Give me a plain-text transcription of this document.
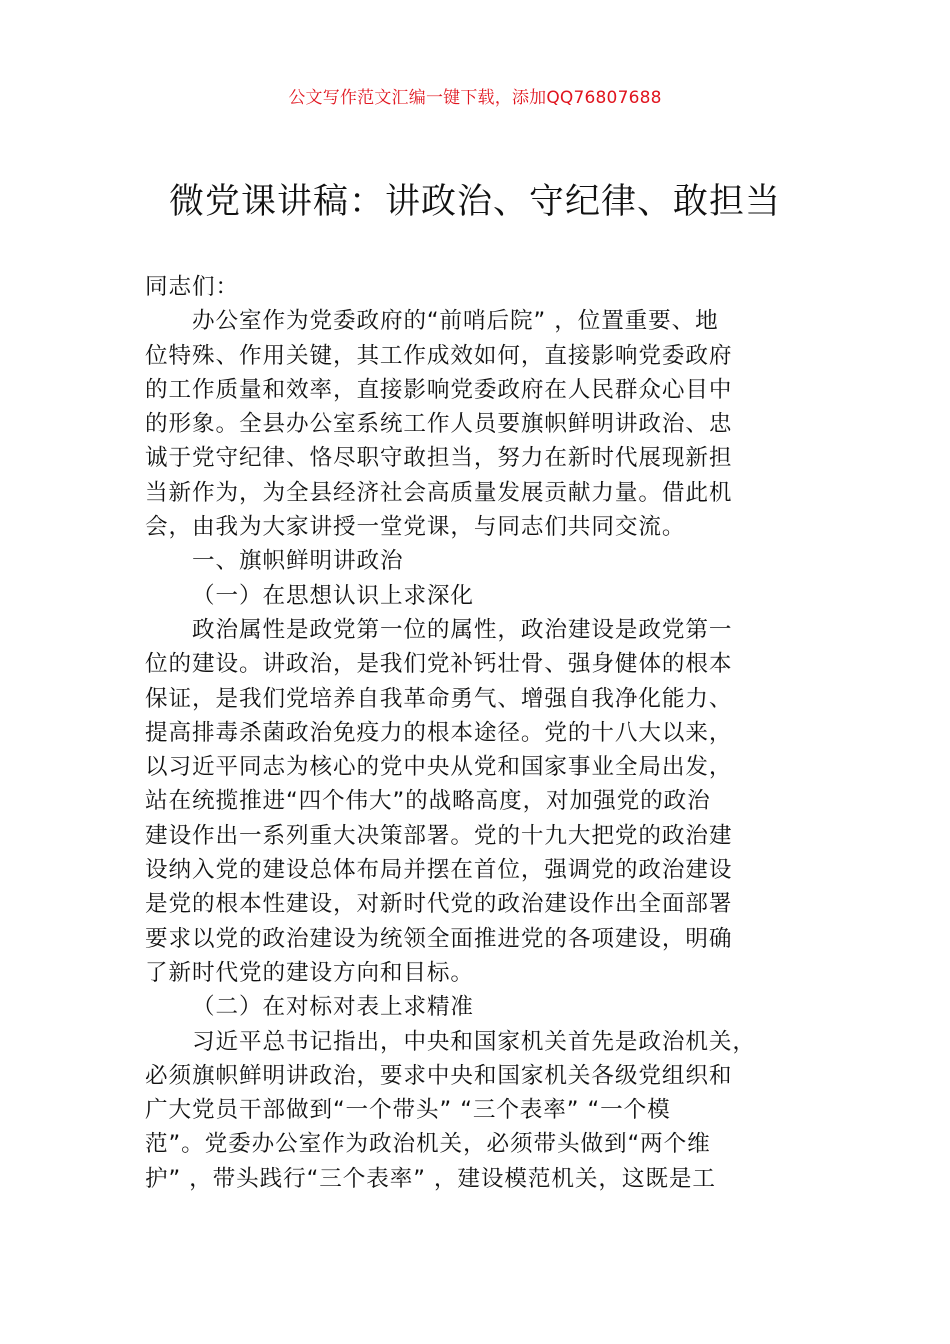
公文写作范文汇编一键下载，添加QQ76807688
微党课讲稿：讲政治、守纪律、敢担当
同志们：
办公室作为党委政府的“前哨后院” ，位置重要、地
位特殊、作用关键，其工作成效如何，直接影响党委政府
的工作质量和效率，直接影响党委政府在人民群众心目中
的形象。全县办公室系统工作人员要旗帜鲜明讲政治、忠
诚于党守纪律、恪尽职守敢担当，努力在新时代展现新担
当新作为，为全县经济社会高质量发展贡献力量。借此机
会，由我为大家讲授一堂党课，与同志们共同交流。
一、旗帜鲜明讲政治
（一）在思想认识上求深化
政治属性是政党第一位的属性，政治建设是政党第一
位的建设。讲政治，是我们党补钙壮骨、强身健体的根本
保证，是我们党培养自我革命勇气、增强自我净化能力、
提高排毒杀菌政治免疫力的根本途径。党的十八大以来，
以习近平同志为核心的党中央从党和国家事业全局出发，
站在统揽推进“四个伟大”的战略高度，对加强党的政治
建设作出一系列重大决策部署。党的十九大把党的政治建
设纳入党的建设总体布局并摆在首位，强调党的政治建设
是党的根本性建设，对新时代党的政治建设作出全面部署
要求以党的政治建设为统领全面推进党的各项建设，明确
了新时代党的建设方向和目标。
（二）在对标对表上求精准
习近平总书记指出，中央和国家机关首先是政治机关，
必须旗帜鲜明讲政治，要求中央和国家机关各级党组织和
广大党员干部做到“一个带头” “三个表率” “一个模
范”。党委办公室作为政治机关，必须带头做到“两个维
护” ，带头践行“三个表率” ，建设模范机关，这既是工
